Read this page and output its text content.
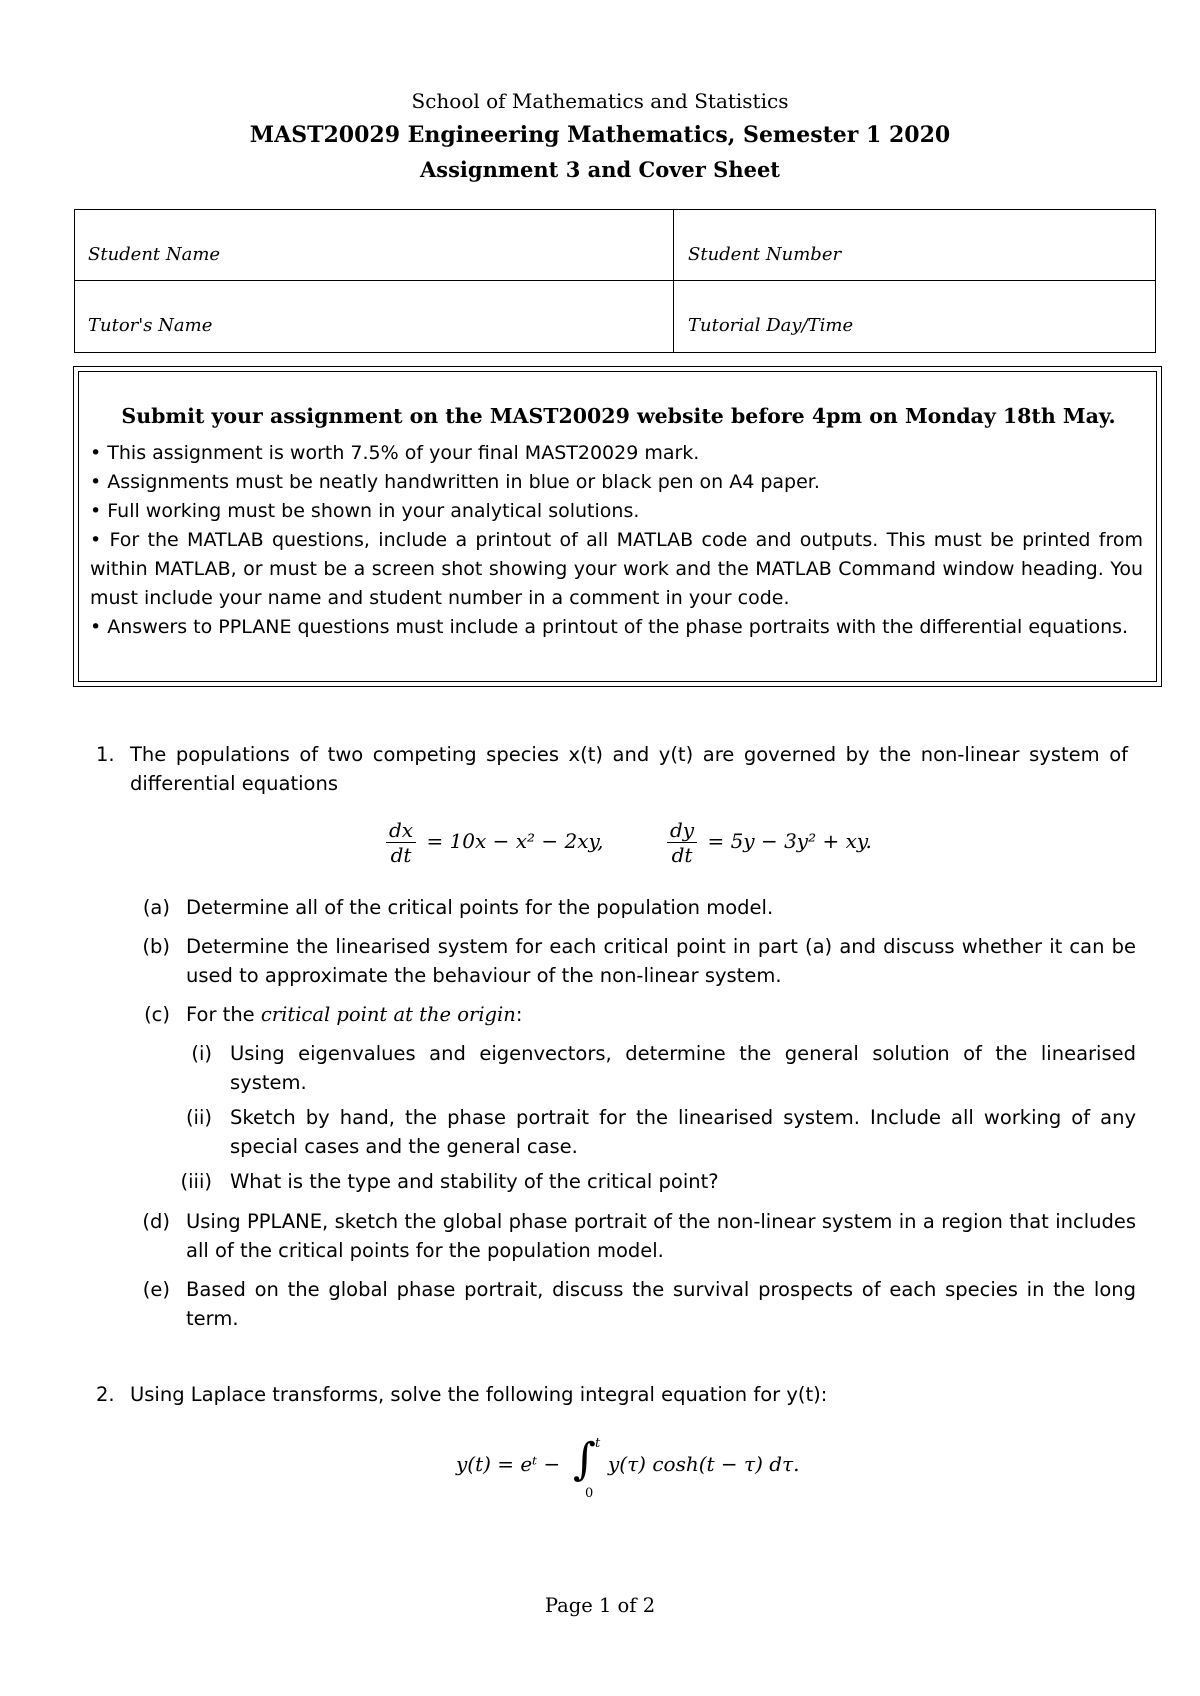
School of Mathematics and Statistics
MAST20029 Engineering Mathematics, Semester 1 2020
Assignment 3 and Cover Sheet
Student Name	Student Number
Tutor's Name	Tutorial Day/Time
Submit your assignment on the MAST20029 website before 4pm on Monday 18th May.

• This assignment is worth 7.5% of your final MAST20029 mark.

• Assignments must be neatly handwritten in blue or black pen on A4 paper.

• Full working must be shown in your analytical solutions.

• For the MATLAB questions, include a printout of all MATLAB code and outputs. This must be printed from within MATLAB, or must be a screen shot showing your work and the MATLAB Command window heading. You must include your name and student number in a comment in your code.

• Answers to PPLANE questions must include a printout of the phase portraits with the differential equations.

1. The populations of two competing species x(t) and y(t) are governed by the non-linear system of differential equations
$\frac{dx}{dt} = 10x - x^2 - 2xy$,	$\frac{dy}{dt} = 5y - 3y^2$ + xy.
(a) Determine all of the critical points for the population model.
(b) Determine the linearised system for each critical point in part (a) and discuss whether it can be used to approximate the behaviour of the non-linear system.
(c) For the critical point at the origin:
(i) Using eigenvalues and eigenvectors, determine the general solution of the linearised system.
(ii) Sketch by hand, the phase portrait for the linearised system. Include all working of any special cases and the general case.
(iii) What is the type and stability of the critical point?
(d) Using PPLANE, sketch the global phase portrait of the non-linear system in a region that includes all of the critical points for the population model.
(e) Based on the global phase portrait, discuss the survival prospects of each species in the long term.
2. Using Laplace transforms, solve the following integral equation for y(t):
y(t) = eᵗ − ∫ t
0
y(τ) cosh(t − τ) dτ.
Page 1 of 2
